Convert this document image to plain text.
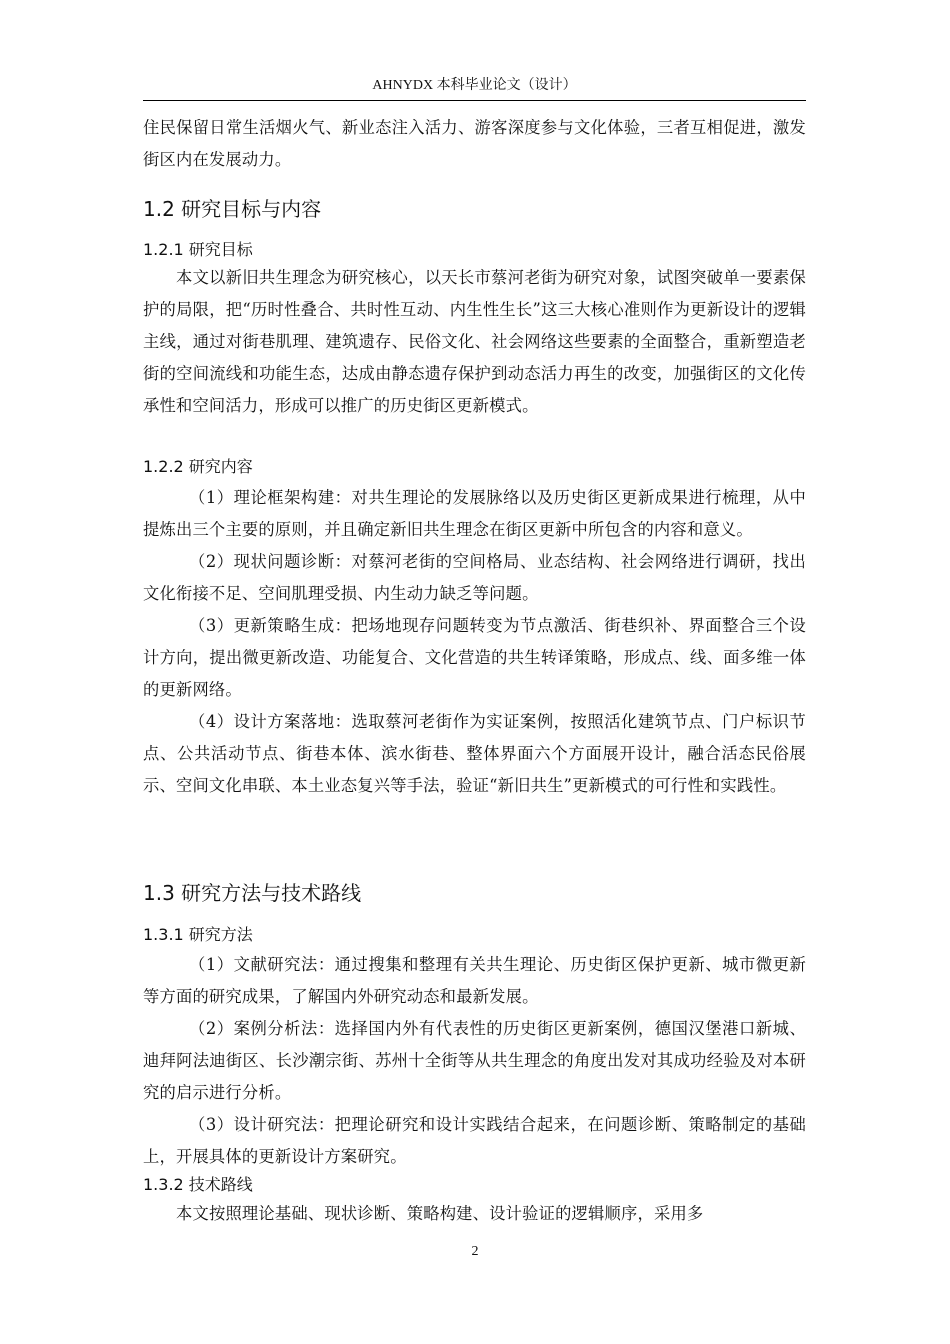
AHNYDX 本科毕业论文（设计）

住民保留日常生活烟火气、新业态注入活力、游客深度参与文化体验，三者互相促进，激发街区内在发展动力。

1.2 研究目标与内容
1.2.1 研究目标

本文以新旧共生理念为研究核心，以天长市蔡河老街为研究对象，试图突破单一要素保护的局限，把“历时性叠合、共时性互动、内生性生长”这三大核心准则作为更新设计的逻辑主线，通过对街巷肌理、建筑遗存、民俗文化、社会网络这些要素的全面整合，重新塑造老街的空间流线和功能生态，达成由静态遗存保护到动态活力再生的改变，加强街区的文化传承性和空间活力，形成可以推广的历史街区更新模式。

1.2.2 研究内容

（1）理论框架构建：对共生理论的发展脉络以及历史街区更新成果进行梳理，从中提炼出三个主要的原则，并且确定新旧共生理念在街区更新中所包含的内容和意义。

（2）现状问题诊断：对蔡河老街的空间格局、业态结构、社会网络进行调研，找出文化衔接不足、空间肌理受损、内生动力缺乏等问题。

（3）更新策略生成：把场地现存问题转变为节点激活、街巷织补、界面整合三个设计方向，提出微更新改造、功能复合、文化营造的共生转译策略，形成点、线、面多维一体的更新网络。

（4）设计方案落地：选取蔡河老街作为实证案例，按照活化建筑节点、门户标识节点、公共活动节点、街巷本体、滨水街巷、整体界面六个方面展开设计，融合活态民俗展示、空间文化串联、本土业态复兴等手法，验证“新旧共生”更新模式的可行性和实践性。

1.3 研究方法与技术路线
1.3.1 研究方法

（1）文献研究法：通过搜集和整理有关共生理论、历史街区保护更新、城市微更新等方面的研究成果，了解国内外研究动态和最新发展。

（2）案例分析法：选择国内外有代表性的历史街区更新案例，德国汉堡港口新城、迪拜阿法迪街区、长沙潮宗街、苏州十全街等从共生理念的角度出发对其成功经验及对本研究的启示进行分析。

（3）设计研究法：把理论研究和设计实践结合起来，在问题诊断、策略制定的基础上，开展具体的更新设计方案研究。

1.3.2 技术路线

本文按照理论基础、现状诊断、策略构建、设计验证的逻辑顺序，采用多

2
